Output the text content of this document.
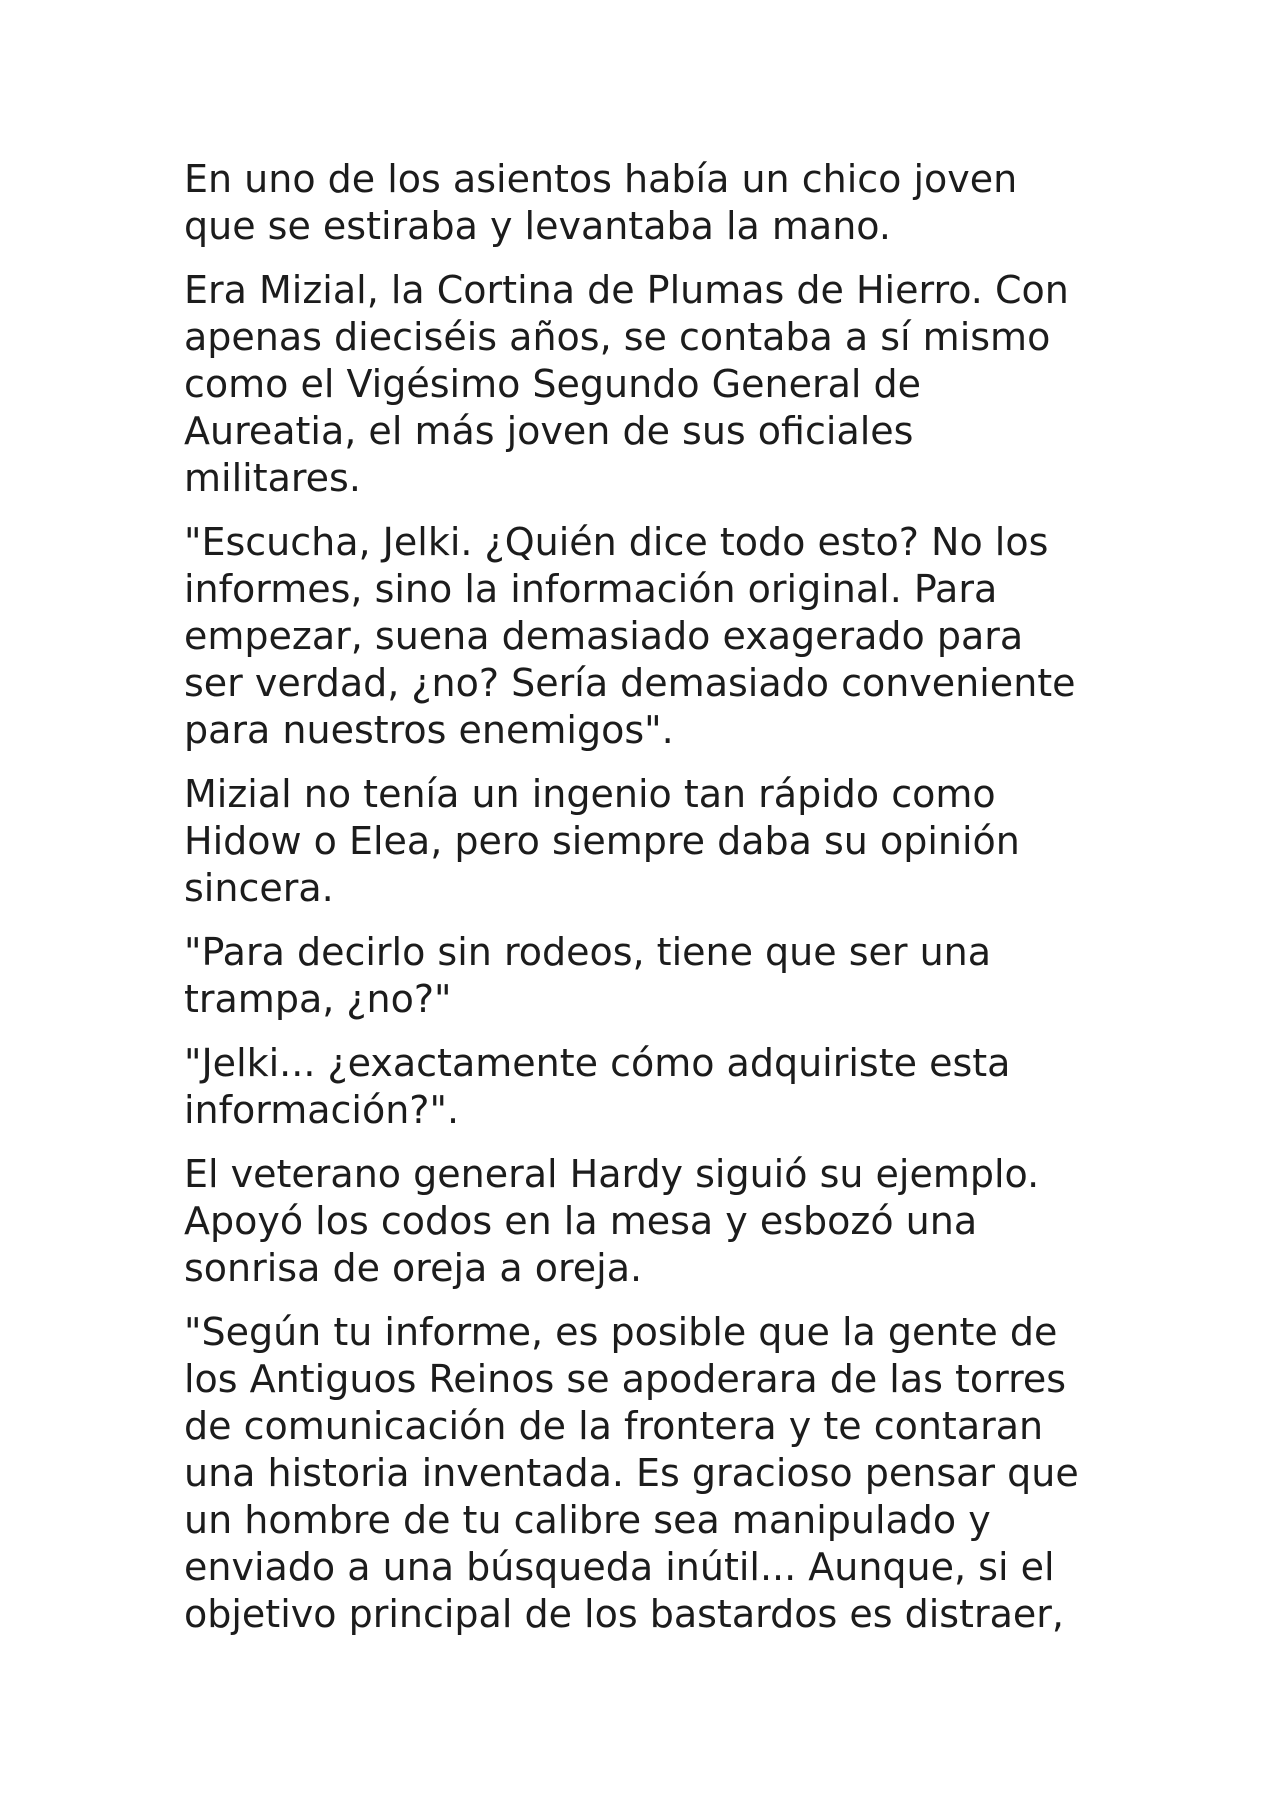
En uno de los asientos había un chico joven
que se estiraba y levantaba la mano.

Era Mizial, la Cortina de Plumas de Hierro. Con
apenas dieciséis años, se contaba a sí mismo
como el Vigésimo Segundo General de
Aureatia, el más joven de sus oficiales
militares.

"Escucha, Jelki. ¿Quién dice todo esto? No los
informes, sino la información original. Para
empezar, suena demasiado exagerado para
ser verdad, ¿no? Sería demasiado conveniente
para nuestros enemigos".

Mizial no tenía un ingenio tan rápido como
Hidow o Elea, pero siempre daba su opinión
sincera.

"Para decirlo sin rodeos, tiene que ser una
trampa, ¿no?"

"Jelki... ¿exactamente cómo adquiriste esta
información?".

El veterano general Hardy siguió su ejemplo.
Apoyó los codos en la mesa y esbozó una
sonrisa de oreja a oreja.

"Según tu informe, es posible que la gente de
los Antiguos Reinos se apoderara de las torres
de comunicación de la frontera y te contaran
una historia inventada. Es gracioso pensar que
un hombre de tu calibre sea manipulado y
enviado a una búsqueda inútil... Aunque, si el
objetivo principal de los bastardos es distraer,
